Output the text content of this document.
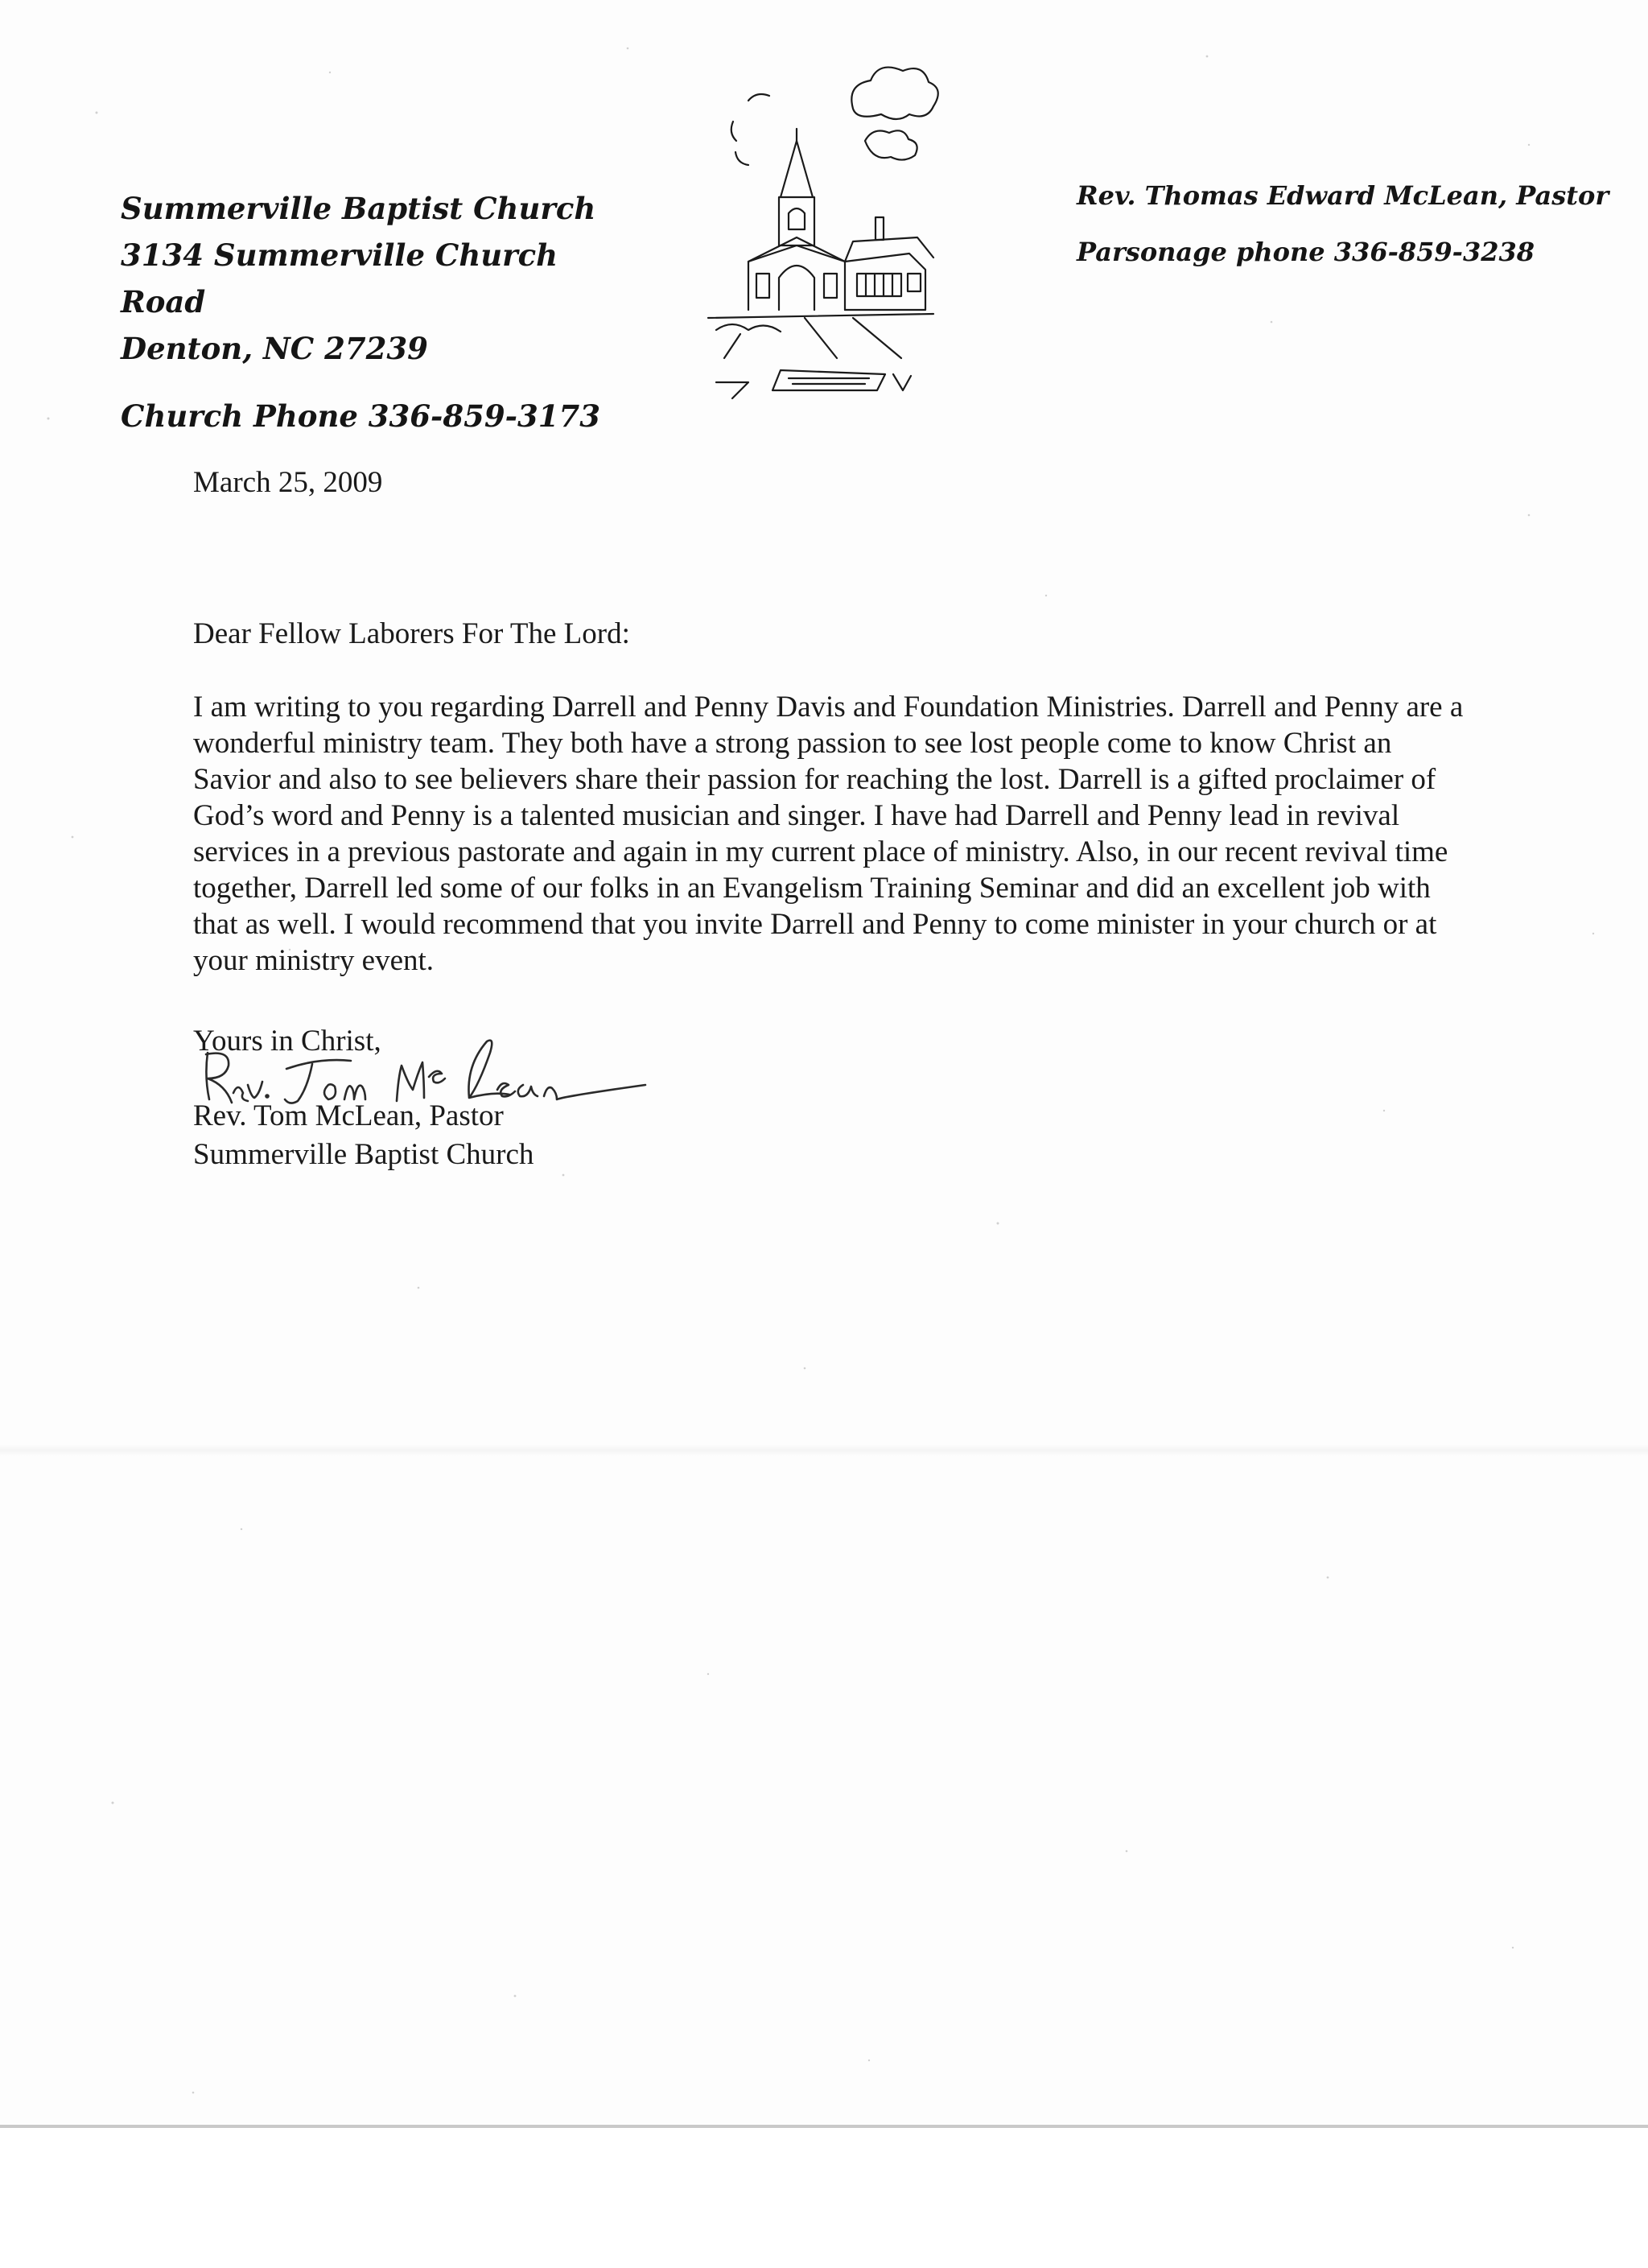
Summerville Baptist Church
3134 Summerville Church Road
Denton, NC 27239
Church Phone 336-859-3173
Rev. Thomas Edward McLean, Pastor
Parsonage phone 336-859-3238
March 25, 2009
Dear Fellow Laborers For The Lord:
I am writing to you regarding Darrell and Penny Davis and Foundation Ministries. Darrell and Penny are a wonderful ministry team. They both have a strong passion to see lost people come to know Christ an Savior and also to see believers share their passion for reaching the lost. Darrell is a gifted proclaimer of God’s word and Penny is a talented musician and singer. I have had Darrell and Penny lead in revival services in a previous pastorate and again in my current place of ministry. Also, in our recent revival time together, Darrell led some of our folks in an Evangelism Training Seminar and did an excellent job with that as well. I would recommend that you invite Darrell and Penny to come minister in your church or at your ministry event.
Yours in Christ,
Rev. Tom McLean, Pastor
Summerville Baptist Church
